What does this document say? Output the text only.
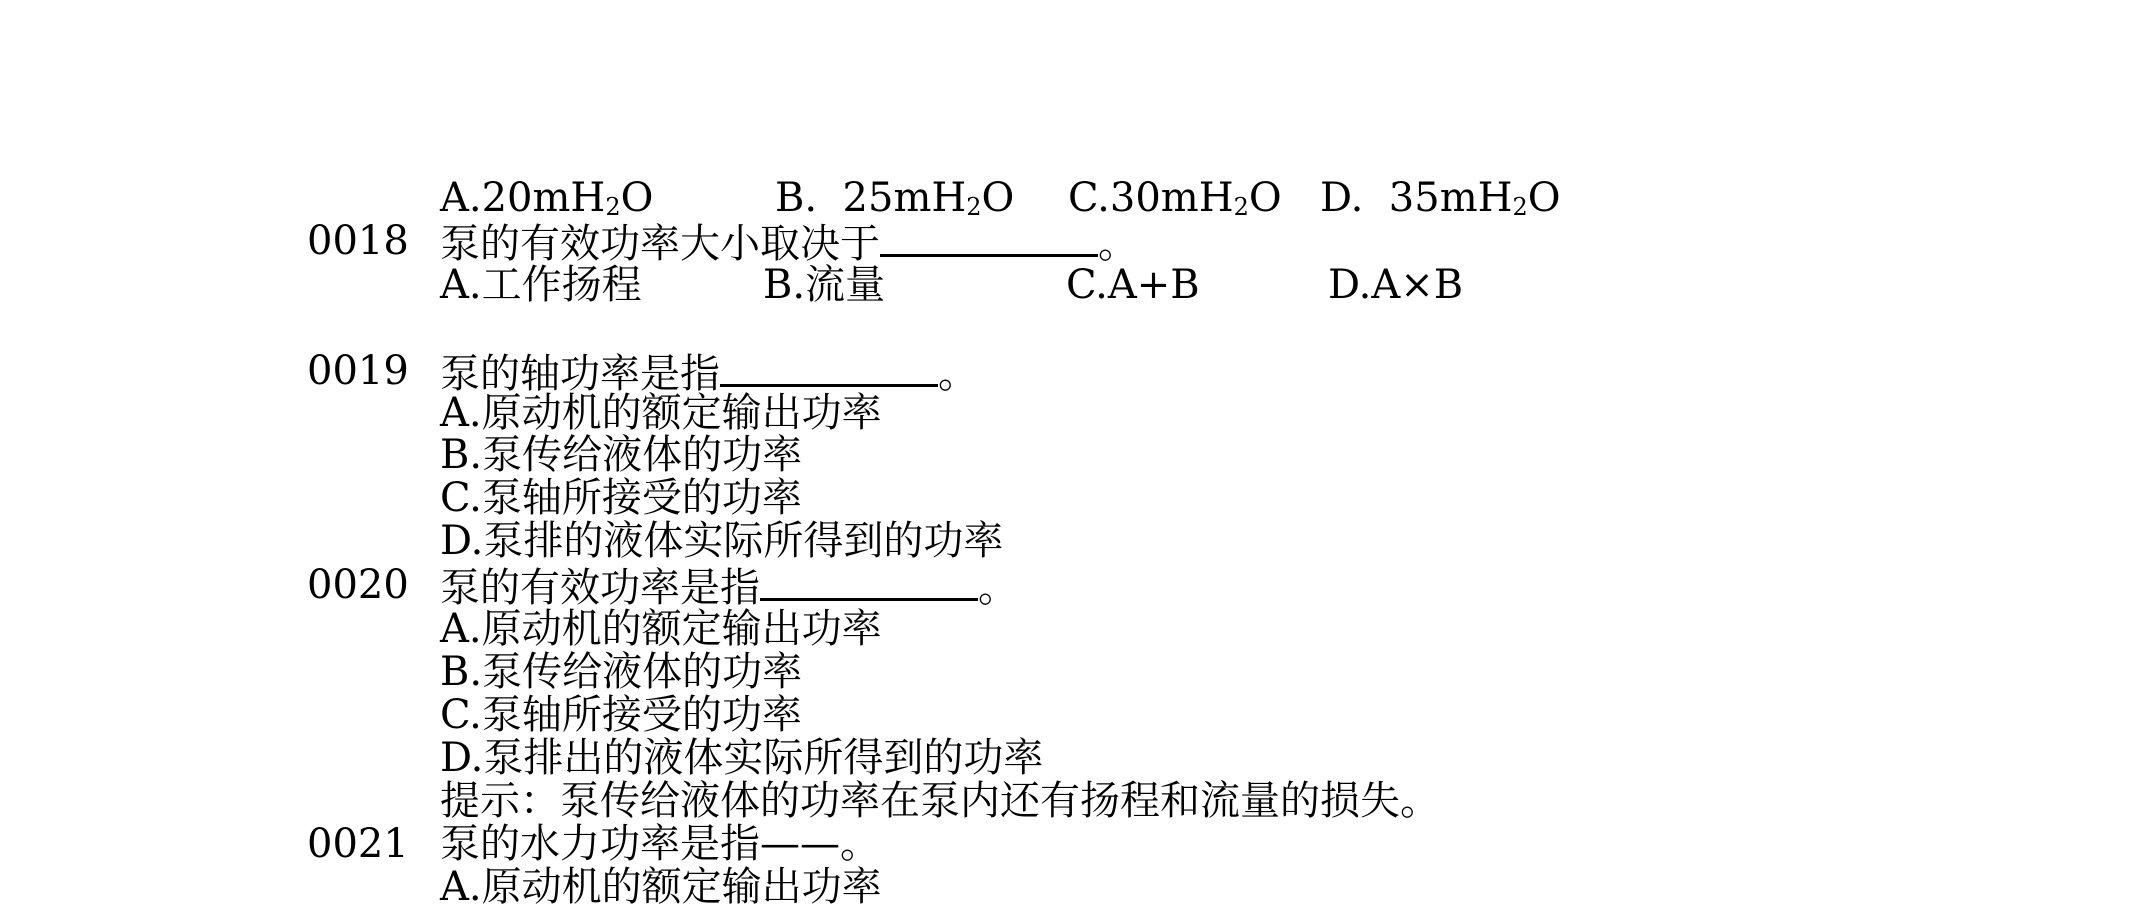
$A.20mH_2O$	B.  $25mH_2O$ $C.30mH_2O$ D.  $35mH_2O$
0018 泵的有效功率大小取决于	。
A.工作扬程	B.流量	C.A+B	D.A×B
0019 泵的轴功率是指	。
A.原动机的额定输出功率
B.泵传给液体的功率
C.泵轴所接受的功率
D.泵排的液体实际所得到的功率
0020 泵的有效功率是指	。
A.原动机的额定输出功率
B.泵传给液体的功率
C.泵轴所接受的功率
D.泵排出的液体实际所得到的功率
提示：泵传给液体的功率在泵内还有扬程和流量的损失。
0021 泵的水力功率是指——。
A.原动机的额定输出功率
